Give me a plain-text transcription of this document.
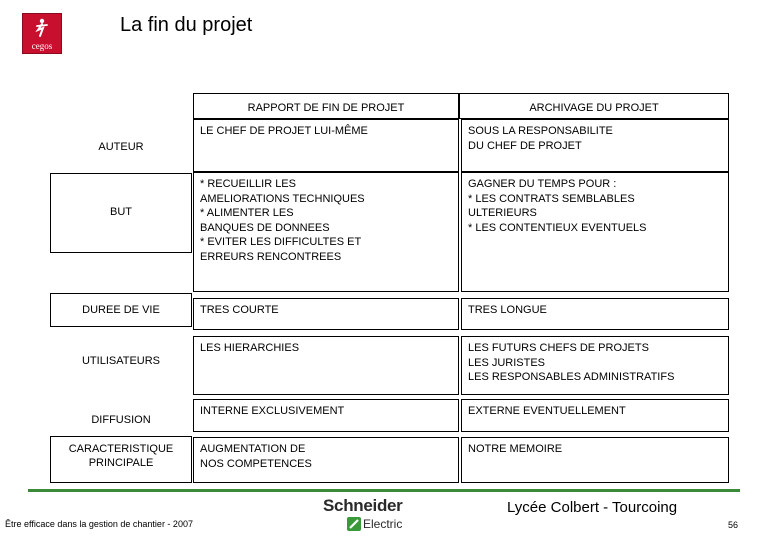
cegos
La fin du projet
RAPPORT DE FIN DE PROJET	ARCHIVAGE DU PROJET
AUTEUR
BUT
DUREE DE VIE
UTILISATEURS
DIFFUSION
CARACTERISTIQUE
PRINCIPALE
LE CHEF DE PROJET LUI-MÊME
* RECUEILLIR LES
AMELIORATIONS TECHNIQUES
* ALIMENTER LES
BANQUES DE DONNEES
* EVITER LES DIFFICULTES ET
ERREURS RENCONTREES
TRES COURTE
LES HIERARCHIES
INTERNE EXCLUSIVEMENT
AUGMENTATION DE
NOS COMPETENCES
SOUS LA RESPONSABILITE
DU CHEF DE PROJET
GAGNER DU TEMPS POUR :
* LES CONTRATS SEMBLABLES
ULTERIEURS
* LES CONTENTIEUX EVENTUELS
TRES LONGUE
LES FUTURS CHEFS DE PROJETS
LES JURISTES
LES RESPONSABLES ADMINISTRATIFS
EXTERNE EVENTUELLEMENT
NOTRE MEMOIRE
Être efficace dans la gestion de chantier - 2007
Schneider
Electric
Lycée Colbert - Tourcoing
56
